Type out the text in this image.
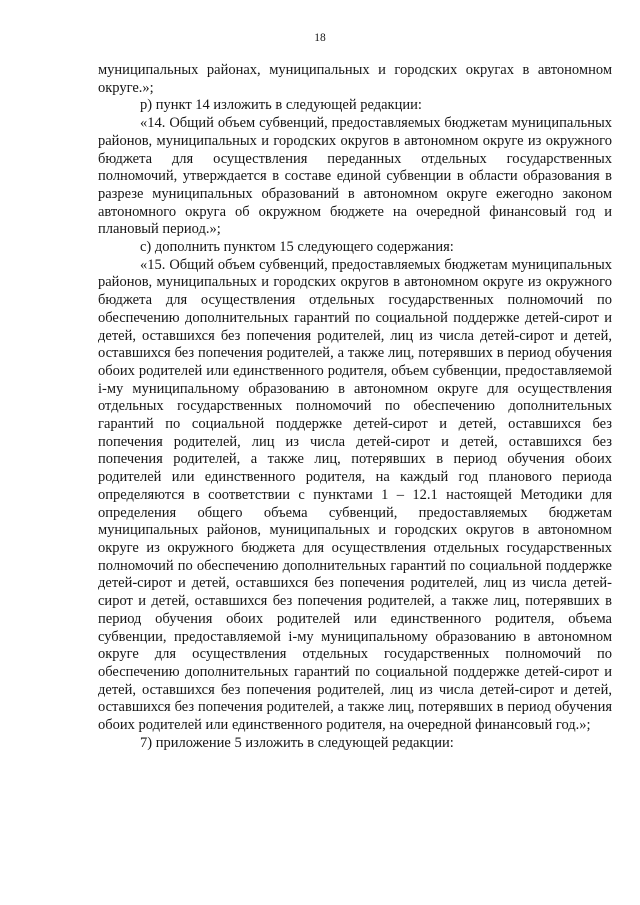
18

муниципальных районах, муниципальных и городских округах в автономном округе.»;

р) пункт 14 изложить в следующей редакции:

«14. Общий объем субвенций, предоставляемых бюджетам муниципальных районов, муниципальных и городских округов в автономном округе из окружного бюджета для осуществления переданных отдельных государственных полномочий, утверждается в составе единой субвенции в области образования в разрезе муниципальных образований в автономном округе ежегодно законом автономного округа об окружном бюджете на очередной финансовый год и плановый период.»;

с) дополнить пунктом 15 следующего содержания:

«15. Общий объем субвенций, предоставляемых бюджетам муниципальных районов, муниципальных и городских округов в автономном округе из окружного бюджета для осуществления отдельных государственных полномочий по обеспечению дополнительных гарантий по социальной поддержке детей-сирот и детей, оставшихся без попечения родителей, лиц из числа детей-сирот и детей, оставшихся без попечения родителей, а также лиц, потерявших в период обучения обоих родителей или единственного родителя, объем субвенции, предоставляемой i-му муниципальному образованию в автономном округе для осуществления отдельных государственных полномочий по обеспечению дополнительных гарантий по социальной поддержке детей-сирот и детей, оставшихся без попечения родителей, лиц из числа детей-сирот и детей, оставшихся без попечения родителей, а также лиц, потерявших в период обучения обоих родителей или единственного родителя, на каждый год планового периода определяются в соответствии с пунктами 1 – 12.1 настоящей Методики для определения общего объема субвенций, предоставляемых бюджетам муниципальных районов, муниципальных и городских округов в автономном округе из окружного бюджета для осуществления отдельных государственных полномочий по обеспечению дополнительных гарантий по социальной поддержке детей-сирот и детей, оставшихся без попечения родителей, лиц из числа детей-сирот и детей, оставшихся без попечения родителей, а также лиц, потерявших в период обучения обоих родителей или единственного родителя, объема субвенции, предоставляемой i-му муниципальному образованию в автономном округе для осуществления отдельных государственных полномочий по обеспечению дополнительных гарантий по социальной поддержке детей-сирот и детей, оставшихся без попечения родителей, лиц из числа детей-сирот и детей, оставшихся без попечения родителей, а также лиц, потерявших в период обучения обоих родителей или единственного родителя, на очередной финансовый год.»;

7) приложение 5 изложить в следующей редакции:
